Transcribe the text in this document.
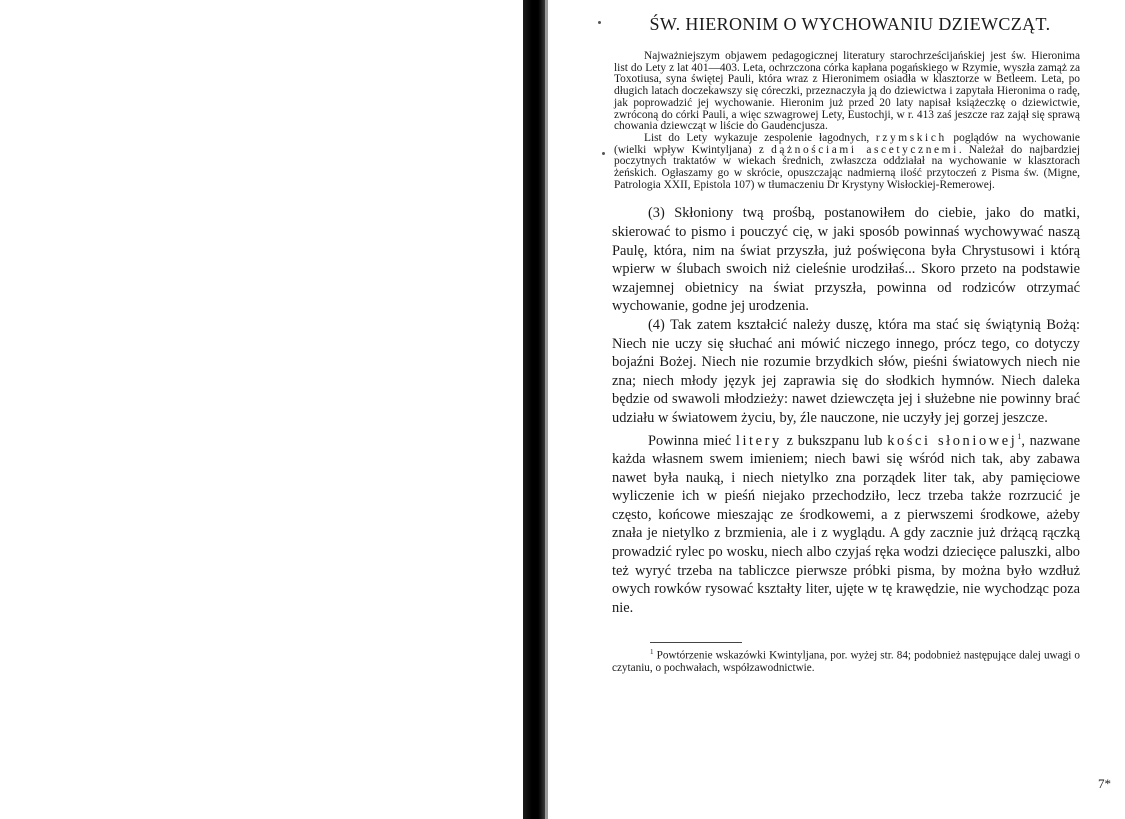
ŚW. HIERONIM O WYCHOWANIU DZIEWCZĄT.

Najważniejszym objawem pedagogicznej literatury starochrześcijańskiej jest św. Hieronima list do Lety z lat 401—403. Leta, ochrzczona córka kapłana pogańskiego w Rzymie, wyszła zamąż za Toxotiusa, syna świętej Pauli, która wraz z Hieronimem osiadła w klasztorze w Betleem. Leta, po długich latach doczekawszy się córeczki, przeznaczyła ją do dziewictwa i zapytała Hieronima o radę, jak poprowadzić jej wychowanie. Hieronim już przed 20 laty napisał książeczkę o dziewictwie, zwróconą do córki Pauli, a więc szwagrowej Lety, Eustochji, w r. 413 zaś jeszcze raz zajął się sprawą chowania dziewcząt w liście do Gaudencjusza.

List do Lety wykazuje zespolenie łagodnych, rzymskich poglądów na wychowanie (wielki wpływ Kwintyljana) z dążnościami ascetycznemi. Należał do najbardziej poczytnych traktatów w wiekach średnich, zwłaszcza oddziałał na wychowanie w klasztorach żeńskich. Ogłaszamy go w skrócie, opuszczając nadmierną ilość przytoczeń z Pisma św. (Migne, Patrologia XXII, Epistola 107) w tłumaczeniu Dr Krystyny Wisłockiej-Remerowej.

(3) Skłoniony twą prośbą, postanowiłem do ciebie, jako do matki, skierować to pismo i pouczyć cię, w jaki sposób powinnaś wychowywać naszą Paulę, która, nim na świat przyszła, już poświęcona była Chrystusowi i którą wpierw w ślubach swoich niż cieleśnie urodziłaś... Skoro przeto na podstawie wzajemnej obietnicy na świat przyszła, powinna od rodziców otrzymać wychowanie, godne jej urodzenia.

(4) Tak zatem kształcić należy duszę, która ma stać się świątynią Bożą: Niech nie uczy się słuchać ani mówić niczego innego, prócz tego, co dotyczy bojaźni Bożej. Niech nie rozumie brzydkich słów, pieśni światowych niech nie zna; niech młody język jej zaprawia się do słodkich hymnów. Niech daleka będzie od swawoli młodzieży: nawet dziewczęta jej i służebne nie powinny brać udziału w światowem życiu, by, źle nauczone, nie uczyły jej gorzej jeszcze.

Powinna mieć litery z bukszpanu lub kości słoniowej$^1$, nazwane każda własnem swem imieniem; niech bawi się wśród nich tak, aby zabawa nawet była nauką, i niech nietylko zna porządek liter tak, aby pamięciowe wyliczenie ich w pieśń niejako przechodziło, lecz trzeba także rozrzucić je często, końcowe mieszając ze środkowemi, a z pierwszemi środkowe, ażeby znała je nietylko z brzmienia, ale i z wyglądu. A gdy zacznie już drżącą rączką prowadzić rylec po wosku, niech albo czyjaś ręka wodzi dziecięce paluszki, albo też wyryć trzeba na tabliczce pierwsze próbki pisma, by można było wzdłuż owych rowków rysować kształty liter, ujęte w tę krawędzie, nie wychodząc poza nie.

$^1$ Powtórzenie wskazówki Kwintyljana, por. wyżej str. 84; podobnież następujące dalej uwagi o czytaniu, o pochwałach, współzawodnictwie.

7*
